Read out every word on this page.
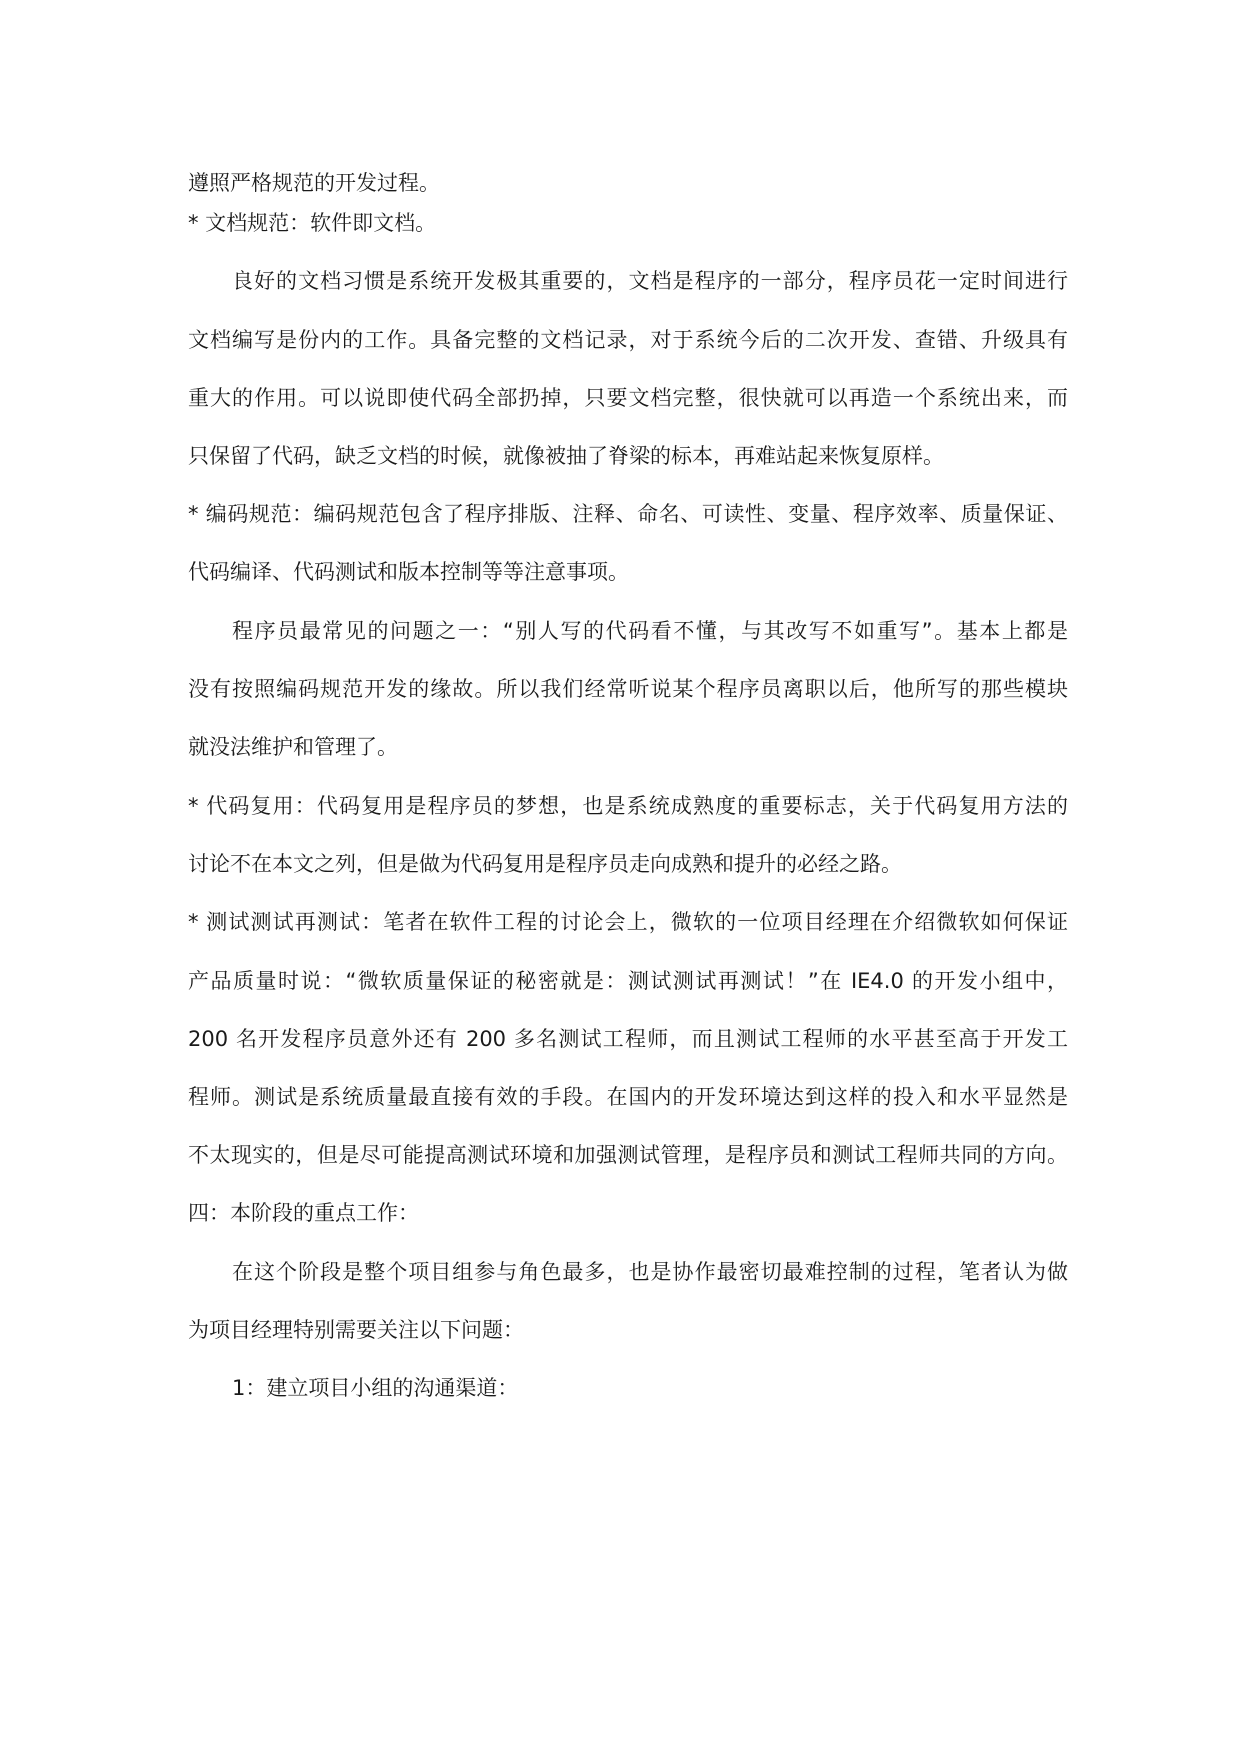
遵照严格规范的开发过程。
* 文档规范：软件即文档。
良好的文档习惯是系统开发极其重要的，文档是程序的一部分，程序员花一定时间进行
文档编写是份内的工作。具备完整的文档记录，对于系统今后的二次开发、查错、升级具有
重大的作用。可以说即使代码全部扔掉，只要文档完整，很快就可以再造一个系统出来，而
只保留了代码，缺乏文档的时候，就像被抽了脊梁的标本，再难站起来恢复原样。
* 编码规范：编码规范包含了程序排版、注释、命名、可读性、变量、程序效率、质量保证、
代码编译、代码测试和版本控制等等注意事项。
程序员最常见的问题之一：“别人写的代码看不懂，与其改写不如重写”。基本上都是
没有按照编码规范开发的缘故。所以我们经常听说某个程序员离职以后，他所写的那些模块
就没法维护和管理了。
* 代码复用：代码复用是程序员的梦想，也是系统成熟度的重要标志，关于代码复用方法的
讨论不在本文之列，但是做为代码复用是程序员走向成熟和提升的必经之路。
* 测试测试再测试：笔者在软件工程的讨论会上，微软的一位项目经理在介绍微软如何保证
产品质量时说：“微软质量保证的秘密就是：测试测试再测试！”在 IE4.0 的开发小组中，
200 名开发程序员意外还有 200 多名测试工程师，而且测试工程师的水平甚至高于开发工
程师。测试是系统质量最直接有效的手段。在国内的开发环境达到这样的投入和水平显然是
不太现实的，但是尽可能提高测试环境和加强测试管理，是程序员和测试工程师共同的方向。
四：本阶段的重点工作：
在这个阶段是整个项目组参与角色最多，也是协作最密切最难控制的过程，笔者认为做
为项目经理特别需要关注以下问题：
1：建立项目小组的沟通渠道：
